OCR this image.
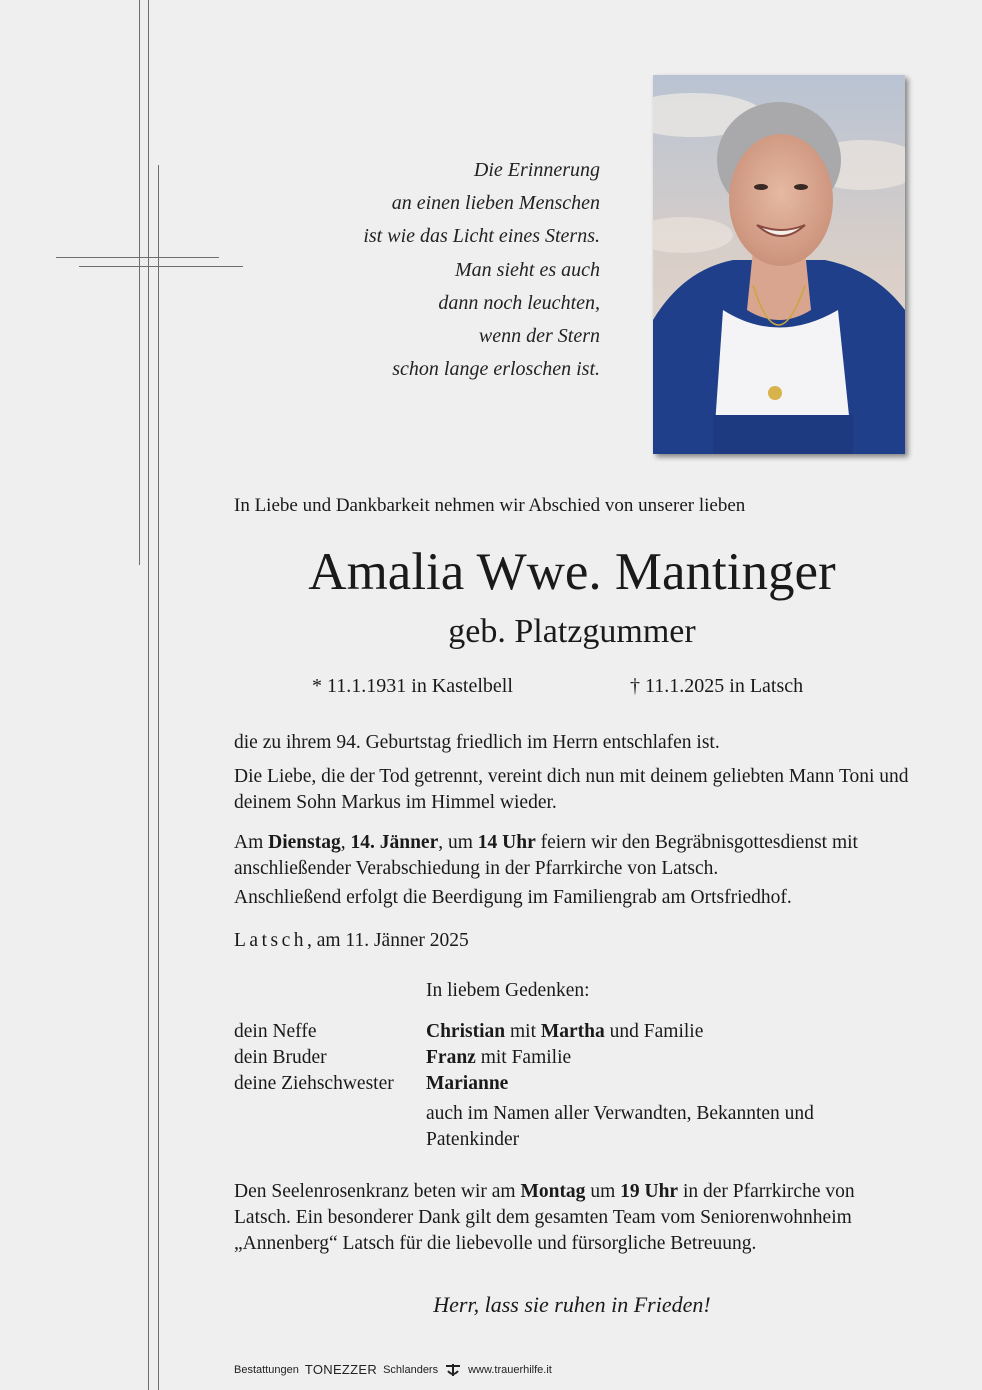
Die Erinnerung
an einen lieben Menschen
ist wie das Licht eines Sterns.
Man sieht es auch
dann noch leuchten,
wenn der Stern
schon lange erloschen ist.
In Liebe und Dankbarkeit nehmen wir Abschied von unserer lieben
Amalia Wwe. Mantinger
geb. Platzgummer
* 11.1.1931 in Kastelbell	† 11.1.2025 in Latsch
die zu ihrem 94. Geburtstag friedlich im Herrn entschlafen ist.
Die Liebe, die der Tod getrennt, vereint dich nun mit deinem geliebten Mann Toni und deinem Sohn Markus im Himmel wieder.
Am Dienstag, 14. Jänner, um 14 Uhr feiern wir den Begräbnisgottesdienst mit anschließender Verabschiedung in der Pfarrkirche von Latsch.
Anschließend erfolgt die Beerdigung im Familiengrab am Ortsfriedhof.
Latsch, am 11. Jänner 2025
In liebem Gedenken:
dein Neffe	Christian mit Martha und Familie
dein Bruder	Franz mit Familie
deine Ziehschwester Marianne
auch im Namen aller Verwandten, Bekannten und Patenkinder
Den Seelenrosenkranz beten wir am Montag um 19 Uhr in der Pfarrkirche von Latsch. Ein besonderer Dank gilt dem gesamten Team vom Seniorenwohnheim „Annenberg“ Latsch für die liebevolle und fürsorgliche Betreuung.
Herr, lass sie ruhen in Frieden!
Bestattungen TONEZZER Schlanders	www.trauerhilfe.it
